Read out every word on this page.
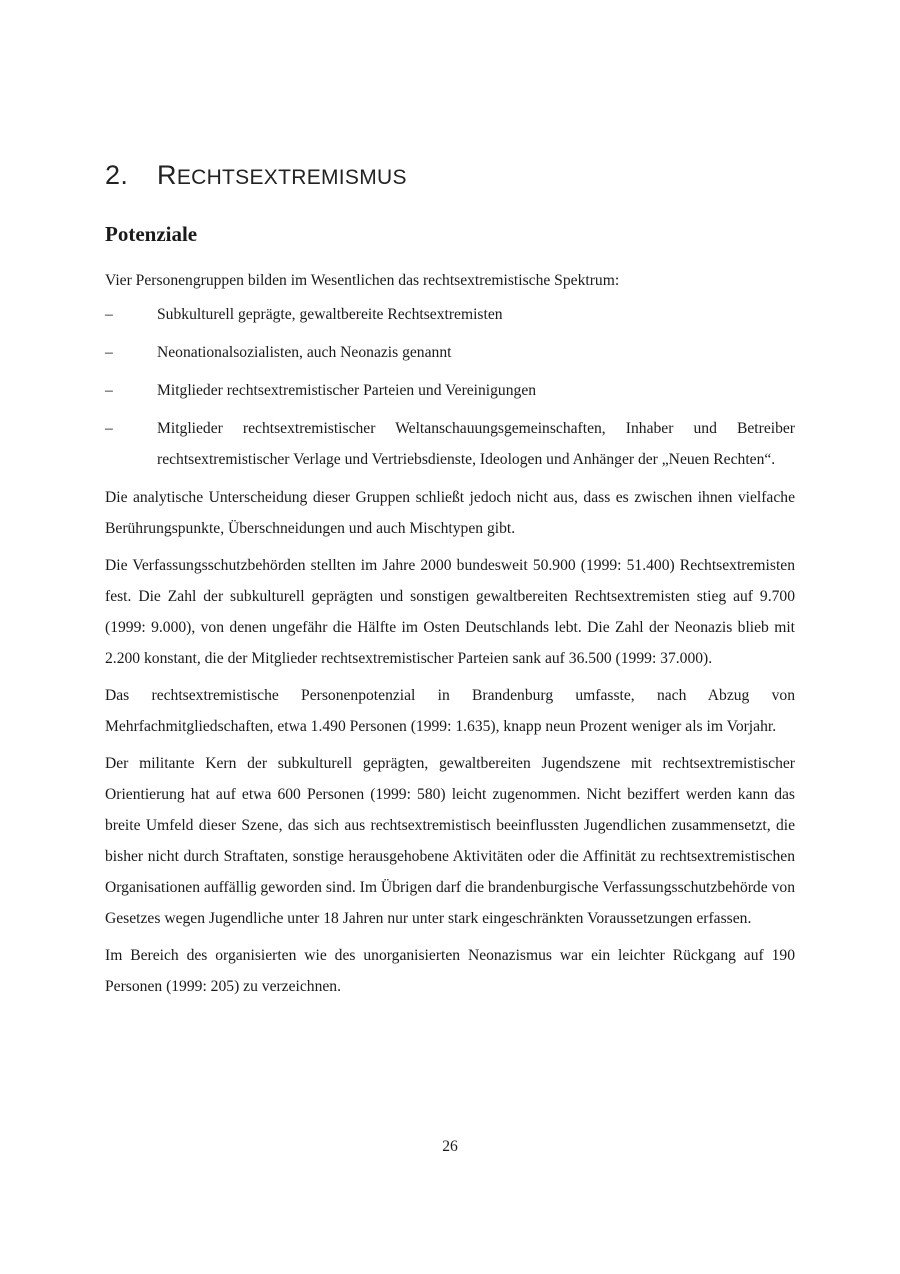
2. RECHTSEXTREMISMUS
Potenziale

Vier Personengruppen bilden im Wesentlichen das rechtsextremistische Spektrum:

–	Subkulturell geprägte, gewaltbereite Rechtsextremisten
–	Neonationalsozialisten, auch Neonazis genannt
–	Mitglieder rechtsextremistischer Parteien und Vereinigungen
–	Mitglieder rechtsextremistischer Weltanschauungsgemeinschaften, Inhaber und Betreiber rechtsextremistischer Verlage und Vertriebsdienste, Ideologen und Anhänger der „Neuen Rechten“.

Die analytische Unterscheidung dieser Gruppen schließt jedoch nicht aus, dass es zwischen ihnen vielfache Berührungspunkte, Überschneidungen und auch Mischtypen gibt.

Die Verfassungsschutzbehörden stellten im Jahre 2000 bundesweit 50.900 (1999: 51.400) Rechtsextremisten fest. Die Zahl der subkulturell geprägten und sonstigen gewaltbereiten Rechtsextremisten stieg auf 9.700 (1999: 9.000), von denen ungefähr die Hälfte im Osten Deutschlands lebt. Die Zahl der Neonazis blieb mit 2.200 konstant, die der Mitglieder rechtsextremistischer Parteien sank auf 36.500 (1999: 37.000).

Das rechtsextremistische Personenpotenzial in Brandenburg umfasste, nach Abzug von Mehrfachmitgliedschaften, etwa 1.490 Personen (1999: 1.635), knapp neun Prozent weniger als im Vorjahr.

Der militante Kern der subkulturell geprägten, gewaltbereiten Jugendszene mit rechtsextremistischer Orientierung hat auf etwa 600 Personen (1999: 580) leicht zugenommen. Nicht beziffert werden kann das breite Umfeld dieser Szene, das sich aus rechtsextremistisch beeinflussten Jugendlichen zusammensetzt, die bisher nicht durch Straftaten, sonstige herausgehobene Aktivitäten oder die Affinität zu rechtsextremistischen Organisationen auffällig geworden sind. Im Übrigen darf die brandenburgische Verfassungsschutzbehörde von Gesetzes wegen Jugendliche unter 18 Jahren nur unter stark eingeschränkten Voraussetzungen erfassen.

Im Bereich des organisierten wie des unorganisierten Neonazismus war ein leichter Rückgang auf 190 Personen (1999: 205) zu verzeichnen.

26
